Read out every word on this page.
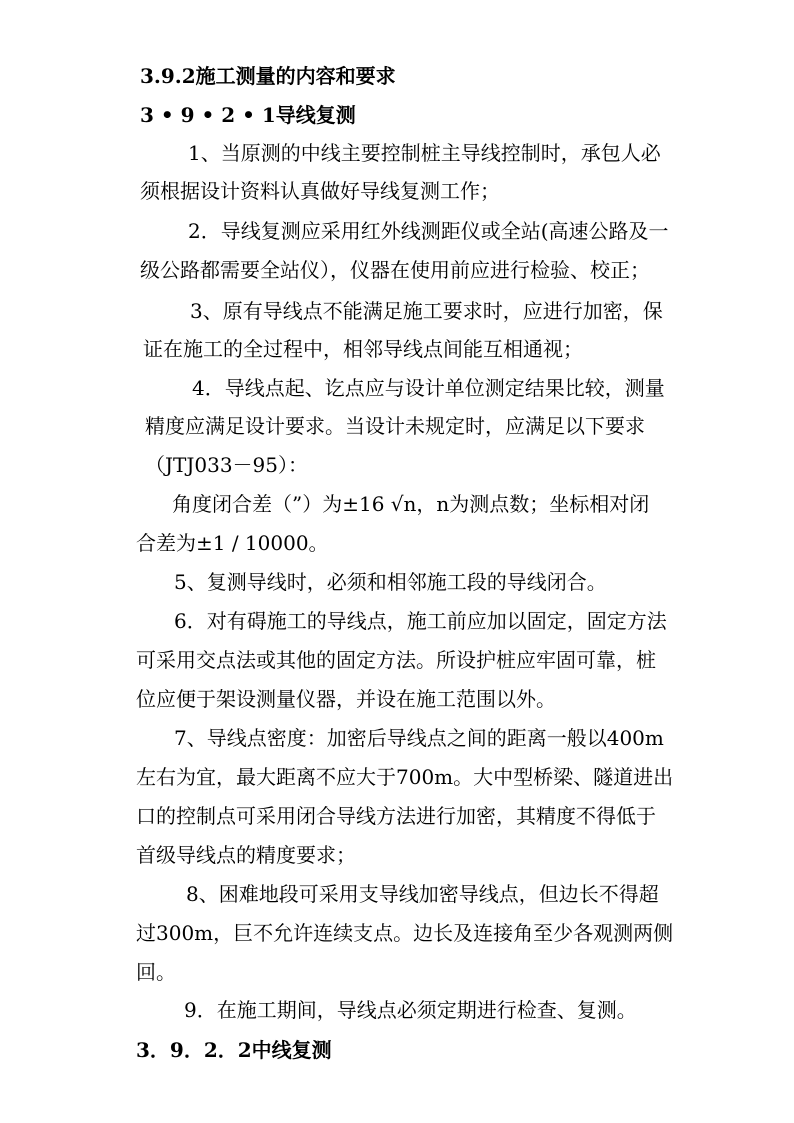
3.9.2施工测量的内容和要求
3 • 9 • 2 • 1导线复测
1、当原测的中线主要控制桩主导线控制时，承包人必
须根据设计资料认真做好导线复测工作；
2．导线复测应采用红外线测距仪或全站(高速公路及一
级公路都需要全站仪），仪器在使用前应进行检验、校正；
3、原有导线点不能满足施工要求时，应进行加密，保
证在施工的全过程中，相邻导线点间能互相通视；
4．导线点起、讫点应与设计单位测定结果比较，测量
精度应满足设计要求。当设计未规定时，应满足以下要求
（JTJ033－95）：
角度闭合差（”）为±16 √n，n为测点数；坐标相对闭
合差为±1 / 10000。
5、复测导线时，必须和相邻施工段的导线闭合。
6．对有碍施工的导线点，施工前应加以固定，固定方法
可采用交点法或其他的固定方法。所设护桩应牢固可靠，桩
位应便于架设测量仪器，并设在施工范围以外。
7、导线点密度：加密后导线点之间的距离一般以400m
左右为宜，最大距离不应大于700m。大中型桥梁、隧道进出
口的控制点可采用闭合导线方法进行加密，其精度不得低于
首级导线点的精度要求；
8、困难地段可采用支导线加密导线点，但边长不得超
过300m，巨不允许连续支点。边长及连接角至少各观测两侧
回。
9．在施工期间，导线点必须定期进行检查、复测。
3．9．2．2中线复测
